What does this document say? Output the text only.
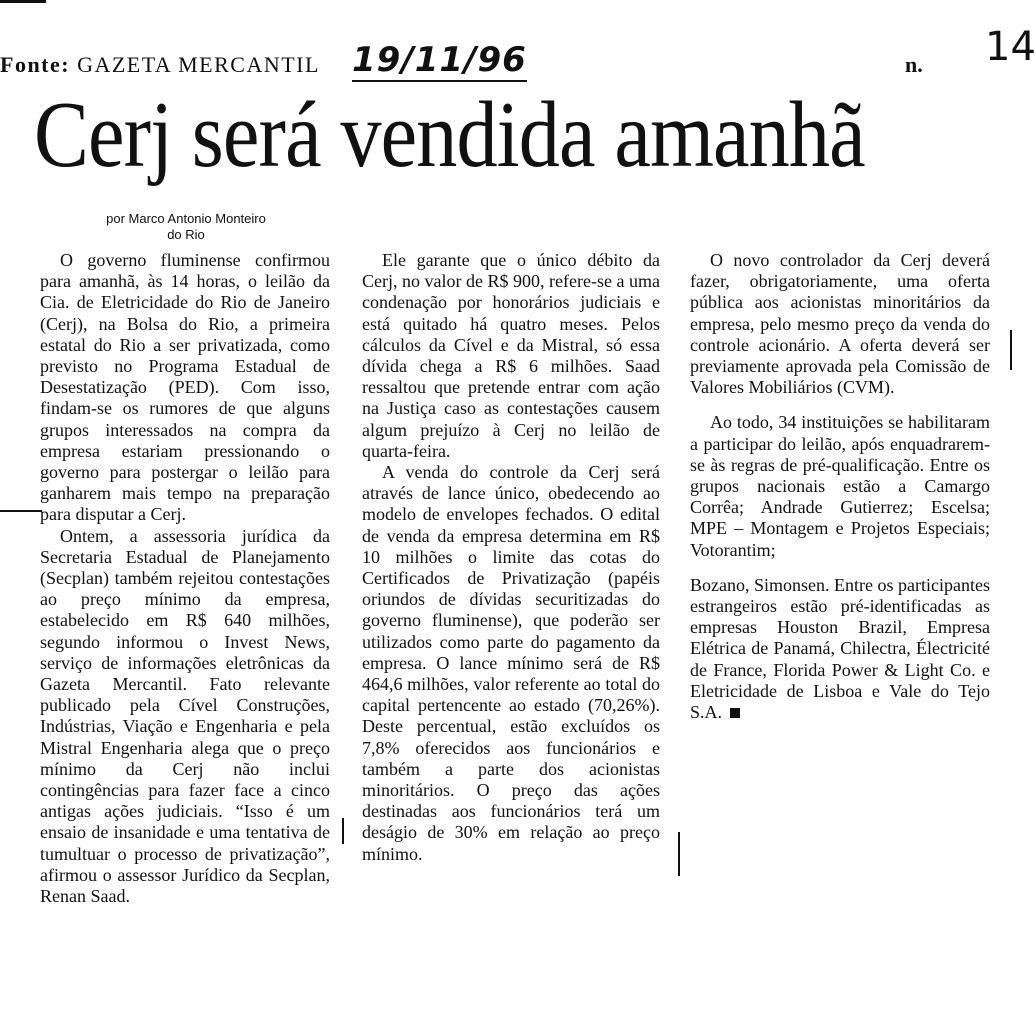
Fonte: GAZETA MERCANTIL 19/11/96	n. 14
Cerj será vendida amanhã
por Marco Antonio Monteiro
do Rio

O governo fluminense confirmou para amanhã, às 14 horas, o leilão da Cia. de Eletricidade do Rio de Janeiro (Cerj), na Bolsa do Rio, a primeira estatal do Rio a ser privatizada, como previsto no Programa Estadual de Desestatização (PED). Com isso, findam-se os rumores de que alguns grupos interessados na compra da empresa estariam pressionando o governo para postergar o leilão para ganharem mais tempo na preparação para disputar a Cerj.

Ontem, a assessoria jurídica da Secretaria Estadual de Planejamento (Secplan) também rejeitou contestações ao preço mínimo da empresa, estabelecido em R$ 640 milhões, segundo informou o Invest News, serviço de informações eletrônicas da Gazeta Mercantil. Fato relevante publicado pela Cível Construções, Indústrias, Viação e Engenharia e pela Mistral Engenharia alega que o preço mínimo da Cerj não inclui contingências para fazer face a cinco antigas ações judiciais. “Isso é um ensaio de insanidade e uma tentativa de tumultuar o processo de privatização”, afirmou o assessor Jurídico da Secplan, Renan Saad.

Ele garante que o único débito da Cerj, no valor de R$ 900, refere-se a uma condenação por honorários judiciais e está quitado há quatro meses. Pelos cálculos da Cível e da Mistral, só essa dívida chega a R$ 6 milhões. Saad ressaltou que pretende entrar com ação na Justiça caso as contestações causem algum prejuízo à Cerj no leilão de quarta-feira.

A venda do controle da Cerj será através de lance único, obedecendo ao modelo de envelopes fechados. O edital de venda da empresa determina em R$ 10 milhões o limite das cotas do Certificados de Privatização (papéis oriundos de dívidas securitizadas do governo fluminense), que poderão ser utilizados como parte do pagamento da empresa. O lance mínimo será de R$ 464,6 milhões, valor referente ao total do capital pertencente ao estado (70,26%). Deste percentual, estão excluídos os 7,8% oferecidos aos funcionários e também a parte dos acionistas minoritários. O preço das ações destinadas aos funcionários terá um deságio de 30% em relação ao preço mínimo.

O novo controlador da Cerj deverá fazer, obrigatoriamente, uma oferta pública aos acionistas minoritários da empresa, pelo mesmo preço da venda do controle acionário. A oferta deverá ser previamente aprovada pela Comissão de Valores Mobiliários (CVM).

Ao todo, 34 instituições se habilitaram a participar do leilão, após enquadrarem-se às regras de pré-qualificação. Entre os grupos nacionais estão a Camargo Corrêa; Andrade Gutierrez; Escelsa; MPE – Montagem e Projetos Especiais; Votorantim;

Bozano, Simonsen. Entre os participantes estrangeiros estão pré-identificadas as empresas Houston Brazil, Empresa Elétrica de Panamá, Chilectra, Électricité de France, Florida Power & Light Co. e Eletricidade de Lisboa e Vale do Tejo S.A.
